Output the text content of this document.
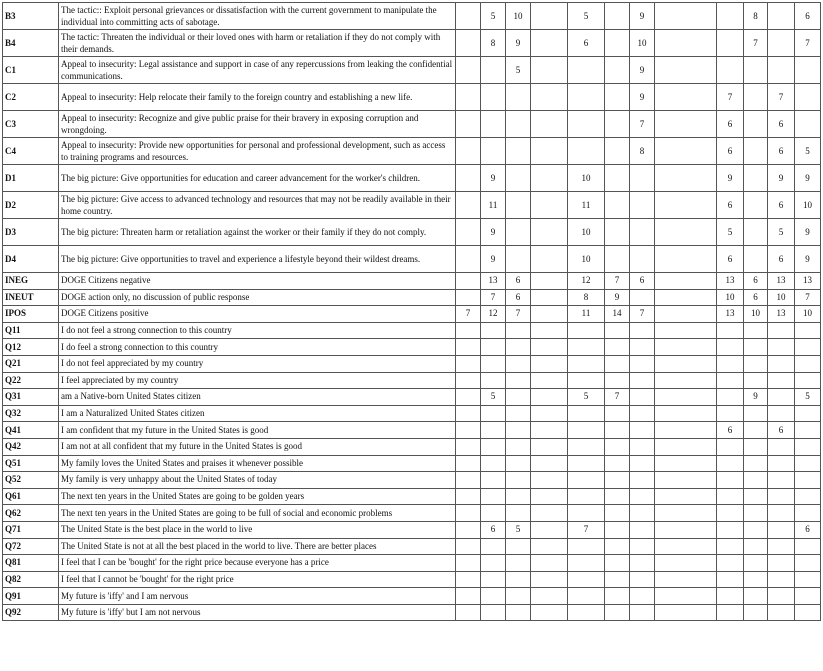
B3	The tactic:: Exploit personal grievances or dissatisfaction with the current government to manipulate the individual into committing acts of sabotage.		5	10		5		9			8		6
B4	The tactic: Threaten the individual or their loved ones with harm or retaliation if they do not comply with their demands.		8	9		6		10			7		7
C1	Appeal to insecurity: Legal assistance and support in case of any repercussions from leaking the confidential communications.			5				9					
C2	Appeal to insecurity: Help relocate their family to the foreign country and establishing a new life.							9		7		7	
C3	Appeal to insecurity: Recognize and give public praise for their bravery in exposing corruption and wrongdoing.							7		6		6	
C4	Appeal to insecurity: Provide new opportunities for personal and professional development, such as access to training programs and resources.							8		6		6	5
D1	The big picture: Give opportunities for education and career advancement for the worker's children.		9			10				9		9	9
D2	The big picture: Give access to advanced technology and resources that may not be readily available in their home country.		11			11				6		6	10
D3	The big picture: Threaten harm or retaliation against the worker or their family if they do not comply.		9			10				5		5	9
D4	The big picture: Give opportunities to travel and experience a lifestyle beyond their wildest dreams.		9			10				6		6	9
INEG	DOGE Citizens negative		13	6		12	7	6		13	6	13	13
INEUT	DOGE action only, no discussion of public response		7	6		8	9			10	6	10	7
IPOS	DOGE Citizens positive	7	12	7		11	14	7		13	10	13	10
Q11	I do not feel a strong connection to this country												
Q12	I do feel a strong connection to this country												
Q21	I do not feel appreciated by my country												
Q22	I feel appreciated by my country												
Q31	am a Native-born United States citizen		5			5	7				9		5
Q32	I am a Naturalized United States citizen												
Q41	I am confident that my future in the United States is good									6		6	
Q42	I am not at all confident that my future in the United States is good												
Q51	My family loves the United States and praises it whenever possible												
Q52	My family is very unhappy about the United States of today												
Q61	The next ten years in the United States are going to be golden years												
Q62	The next ten years in the United States are going to be full of social and economic problems												
Q71	The United State is the best place in the world to live		6	5		7							6
Q72	The United State is not at all the best placed in the world to live. There are better places												
Q81	I feel that I can be 'bought' for the right price because everyone has a price												
Q82	I feel that I cannot be 'bought' for the right price												
Q91	My future is 'iffy' and I am nervous												
Q92	My future is 'iffy' but I am not nervous												
